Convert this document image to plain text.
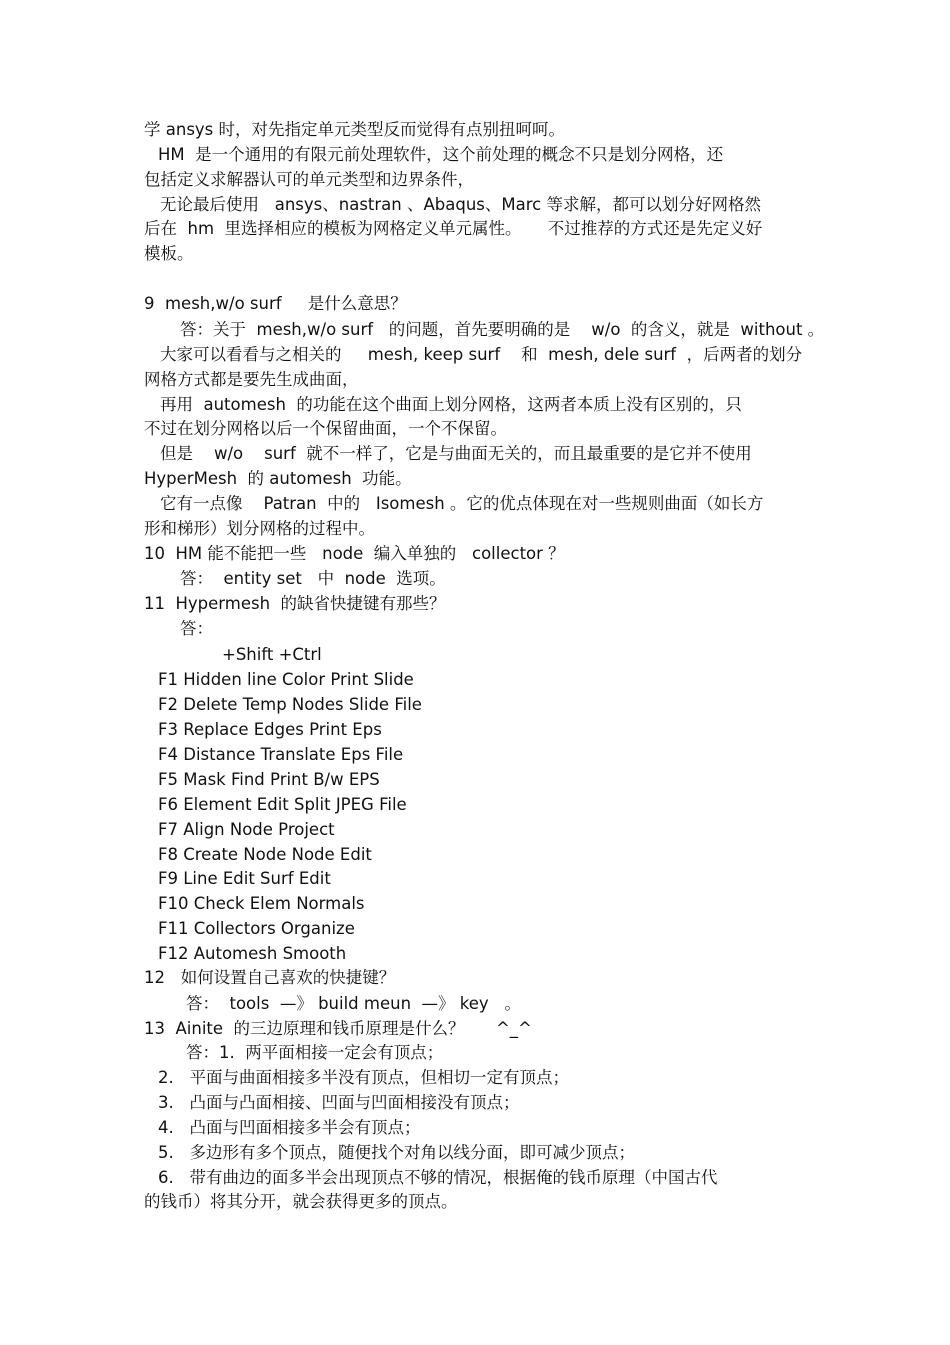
学 ansys 时，对先指定单元类型反而觉得有点别扭呵呵。
HM  是一个通用的有限元前处理软件，这个前处理的概念不只是划分网格，还
包括定义求解器认可的单元类型和边界条件，
无论最后使用   ansys、nastran 、Abaqus、Marc 等求解，都可以划分好网格然
后在  hm  里选择相应的模板为网格定义单元属性。     不过推荐的方式还是先定义好
模板。
9  mesh,w/o surf     是什么意思？
答：关于  mesh,w/o surf   的问题，首先要明确的是    w/o  的含义，就是  without 。
大家可以看看与之相关的     mesh, keep surf    和  mesh, dele surf  ，后两者的划分
网格方式都是要先生成曲面，
再用  automesh  的功能在这个曲面上划分网格，这两者本质上没有区别的，只
不过在划分网格以后一个保留曲面，一个不保留。
但是    w/o    surf  就不一样了，它是与曲面无关的，而且最重要的是它并不使用
HyperMesh  的 automesh  功能。
它有一点像    Patran  中的   Isomesh 。它的优点体现在对一些规则曲面（如长方
形和梯形）划分网格的过程中。
10  HM 能不能把一些   node  编入单独的   collector ？
答：  entity set   中  node  选项。
11  Hypermesh  的缺省快捷键有那些？
答：
+Shift +Ctrl
F1 Hidden line Color Print Slide
F2 Delete Temp Nodes Slide File
F3 Replace Edges Print Eps
F4 Distance Translate Eps File
F5 Mask Find Print B/w EPS
F6 Element Edit Split JPEG File
F7 Align Node Project
F8 Create Node Node Edit
F9 Line Edit Surf Edit
F10 Check Elem Normals
F11 Collectors Organize
F12 Automesh Smooth
12   如何设置自己喜欢的快捷键？
答：  tools  —》 build meun  —》 key   。
13  Ainite  的三边原理和钱币原理是什么？      ^_^
答：1.  两平面相接一定会有顶点；
2.   平面与曲面相接多半没有顶点，但相切一定有顶点；
3.   凸面与凸面相接、凹面与凹面相接没有顶点；
4.   凸面与凹面相接多半会有顶点；
5.   多边形有多个顶点，随便找个对角以线分面，即可减少顶点；
6.   带有曲边的面多半会出现顶点不够的情况，根据俺的钱币原理（中国古代
的钱币）将其分开，就会获得更多的顶点。
